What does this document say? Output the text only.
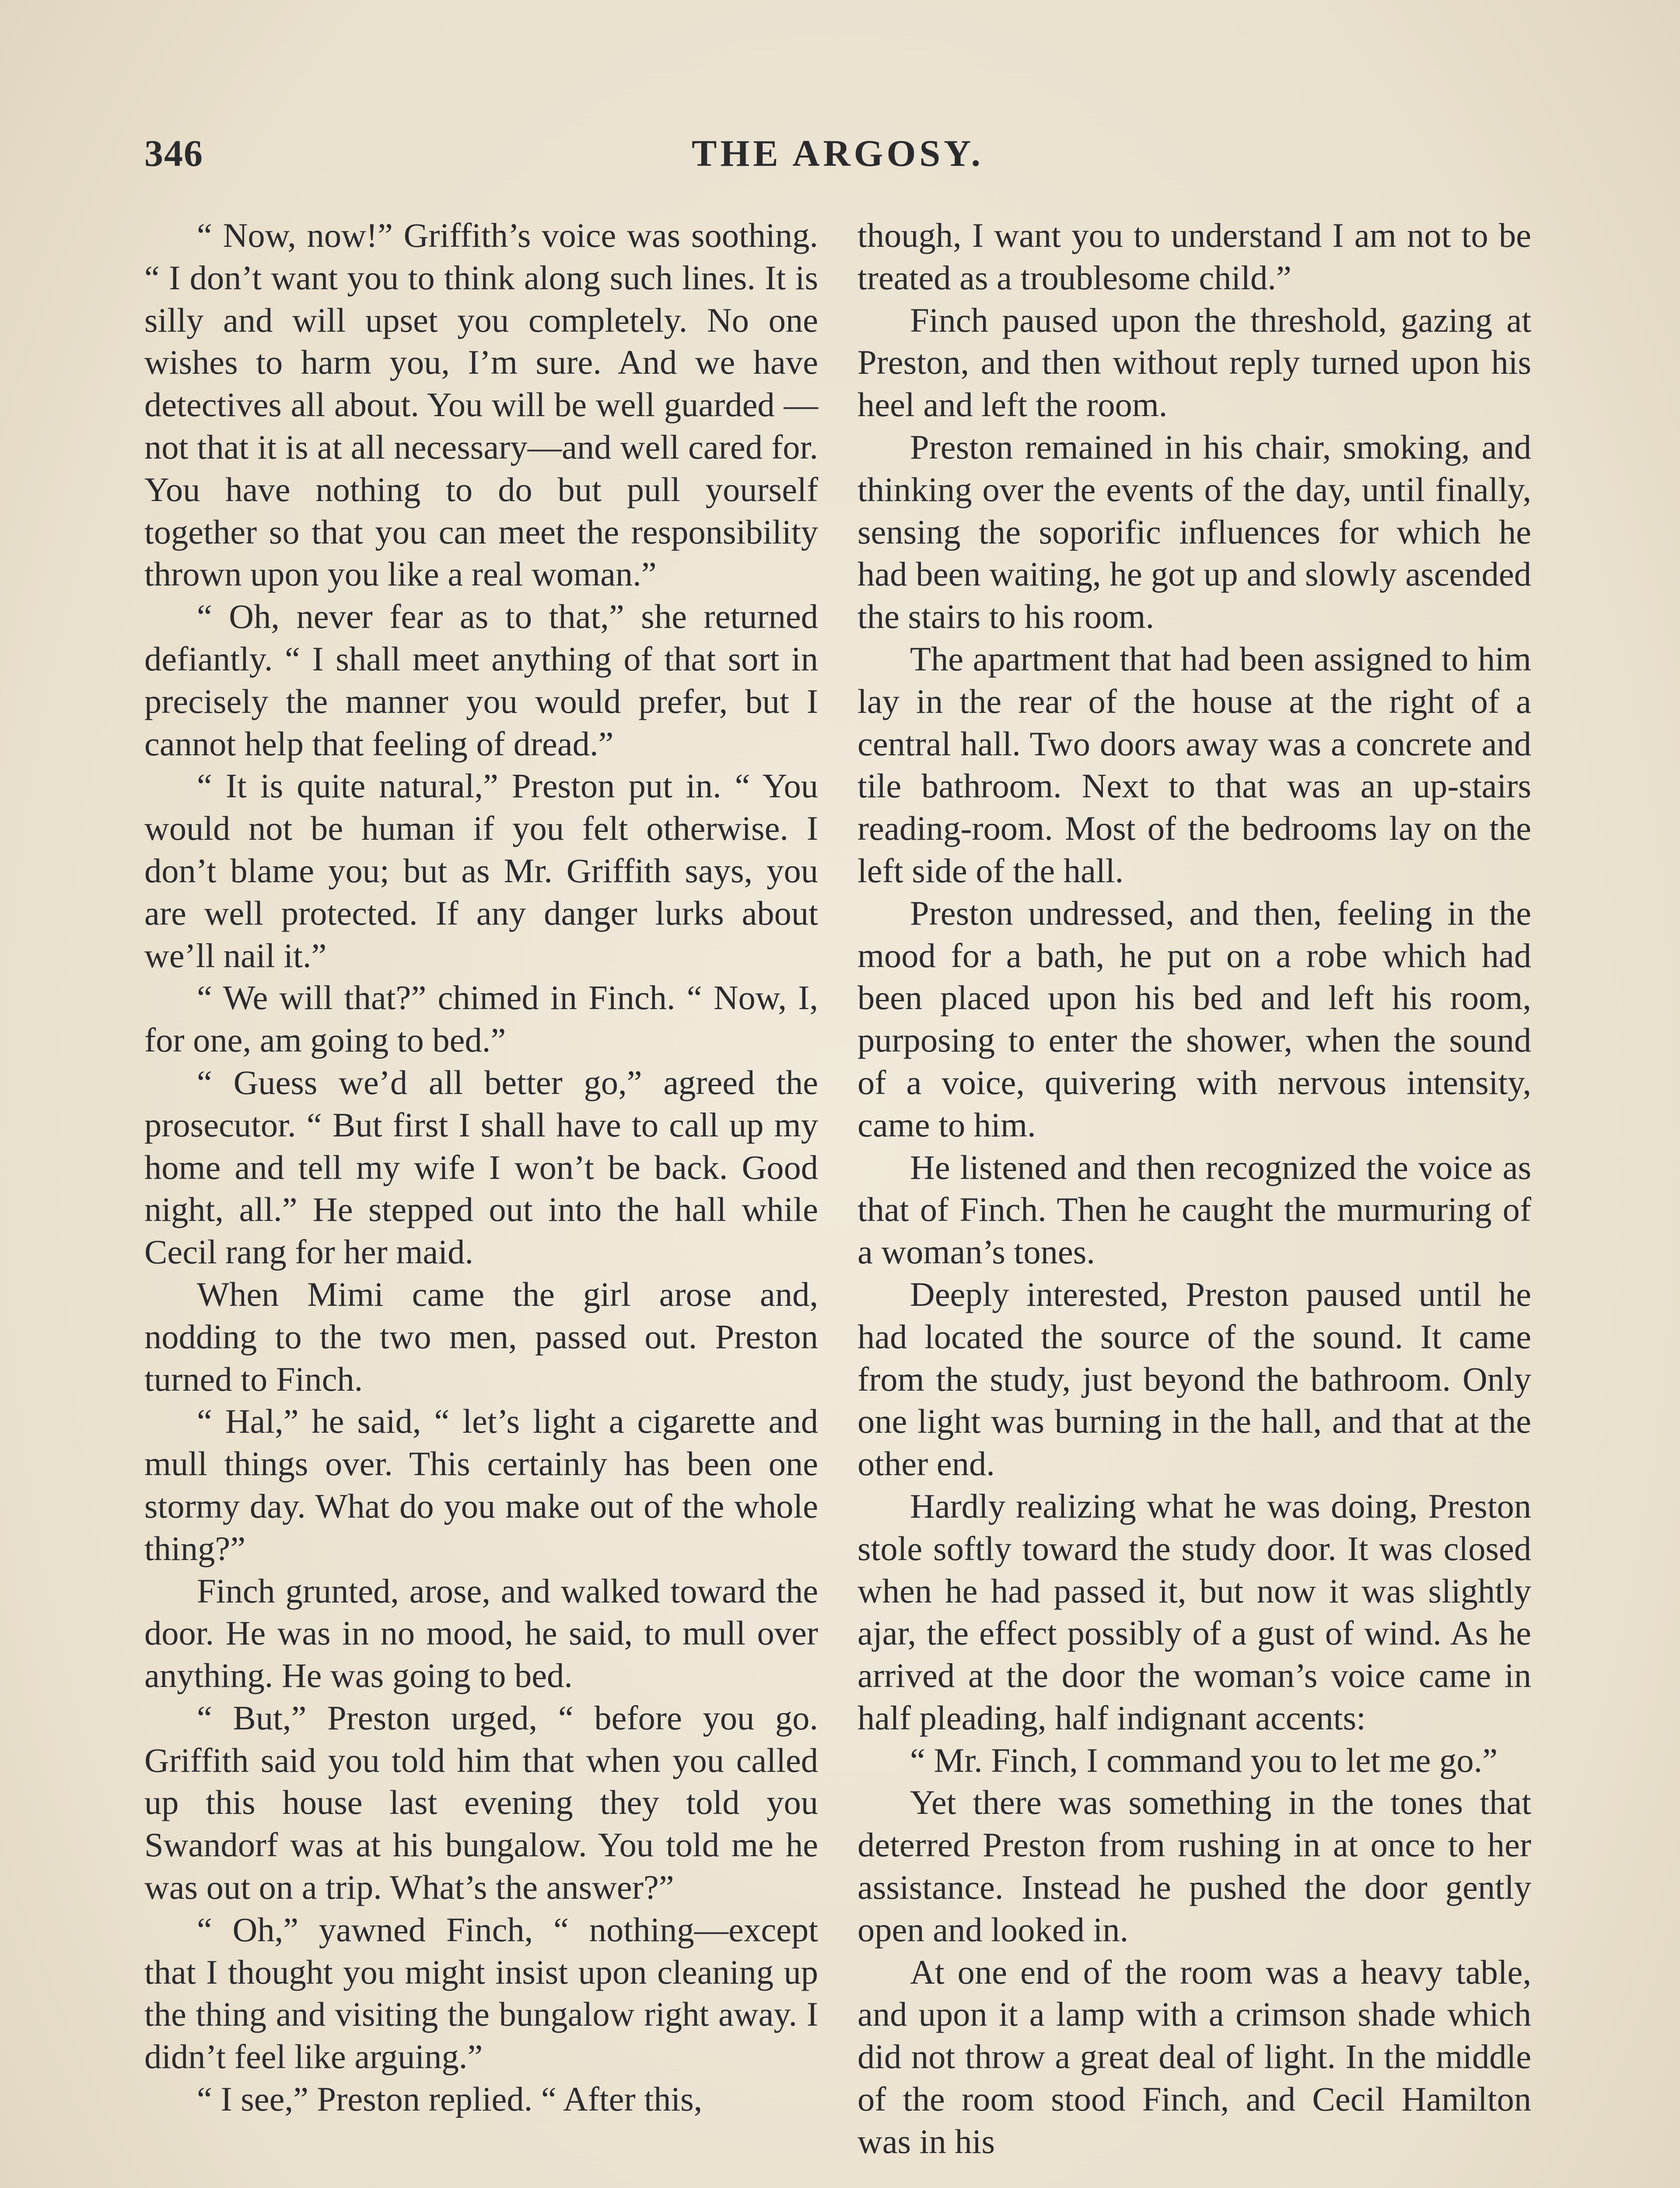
346	THE ARGOSY.

“ Now, now!” Griffith’s voice was soothing. “ I don’t want you to think along such lines. It is silly and will upset you completely. No one wishes to harm you, I’m sure. And we have detectives all about. You will be well guarded —not that it is at all necessary—and well cared for. You have nothing to do but pull yourself together so that you can meet the responsibility thrown upon you like a real woman.”

“ Oh, never fear as to that,” she returned defiantly. “ I shall meet anything of that sort in precisely the manner you would prefer, but I cannot help that feeling of dread.”

“ It is quite natural,” Preston put in. “ You would not be human if you felt otherwise. I don’t blame you; but as Mr. Griffith says, you are well protected. If any danger lurks about we’ll nail it.”

“ We will that?” chimed in Finch. “ Now, I, for one, am going to bed.”

“ Guess we’d all better go,” agreed the prosecutor. “ But first I shall have to call up my home and tell my wife I won’t be back. Good night, all.” He stepped out into the hall while Cecil rang for her maid.

When Mimi came the girl arose and, nodding to the two men, passed out. Preston turned to Finch.

“ Hal,” he said, “ let’s light a cigarette and mull things over. This certainly has been one stormy day. What do you make out of the whole thing?”

Finch grunted, arose, and walked toward the door. He was in no mood, he said, to mull over anything. He was going to bed.

“ But,” Preston urged, “ before you go. Griffith said you told him that when you called up this house last evening they told you Swandorf was at his bungalow. You told me he was out on a trip. What’s the answer?”

“ Oh,” yawned Finch, “ nothing—except that I thought you might insist upon cleaning up the thing and visiting the bungalow right away. I didn’t feel like arguing.”

“ I see,” Preston replied. “ After this,

though, I want you to understand I am not to be treated as a troublesome child.”

Finch paused upon the threshold, gazing at Preston, and then without reply turned upon his heel and left the room.

Preston remained in his chair, smoking, and thinking over the events of the day, until finally, sensing the soporific influences for which he had been waiting, he got up and slowly ascended the stairs to his room.

The apartment that had been assigned to him lay in the rear of the house at the right of a central hall. Two doors away was a concrete and tile bathroom. Next to that was an up-stairs reading-room. Most of the bedrooms lay on the left side of the hall.

Preston undressed, and then, feeling in the mood for a bath, he put on a robe which had been placed upon his bed and left his room, purposing to enter the shower, when the sound of a voice, quivering with nervous intensity, came to him.

He listened and then recognized the voice as that of Finch. Then he caught the murmuring of a woman’s tones.

Deeply interested, Preston paused until he had located the source of the sound. It came from the study, just beyond the bathroom. Only one light was burning in the hall, and that at the other end.

Hardly realizing what he was doing, Preston stole softly toward the study door. It was closed when he had passed it, but now it was slightly ajar, the effect possibly of a gust of wind. As he arrived at the door the woman’s voice came in half pleading, half indignant accents:

“ Mr. Finch, I command you to let me go.”

Yet there was something in the tones that deterred Preston from rushing in at once to her assistance. Instead he pushed the door gently open and looked in.

At one end of the room was a heavy table, and upon it a lamp with a crimson shade which did not throw a great deal of light. In the middle of the room stood Finch, and Cecil Hamilton was in his
